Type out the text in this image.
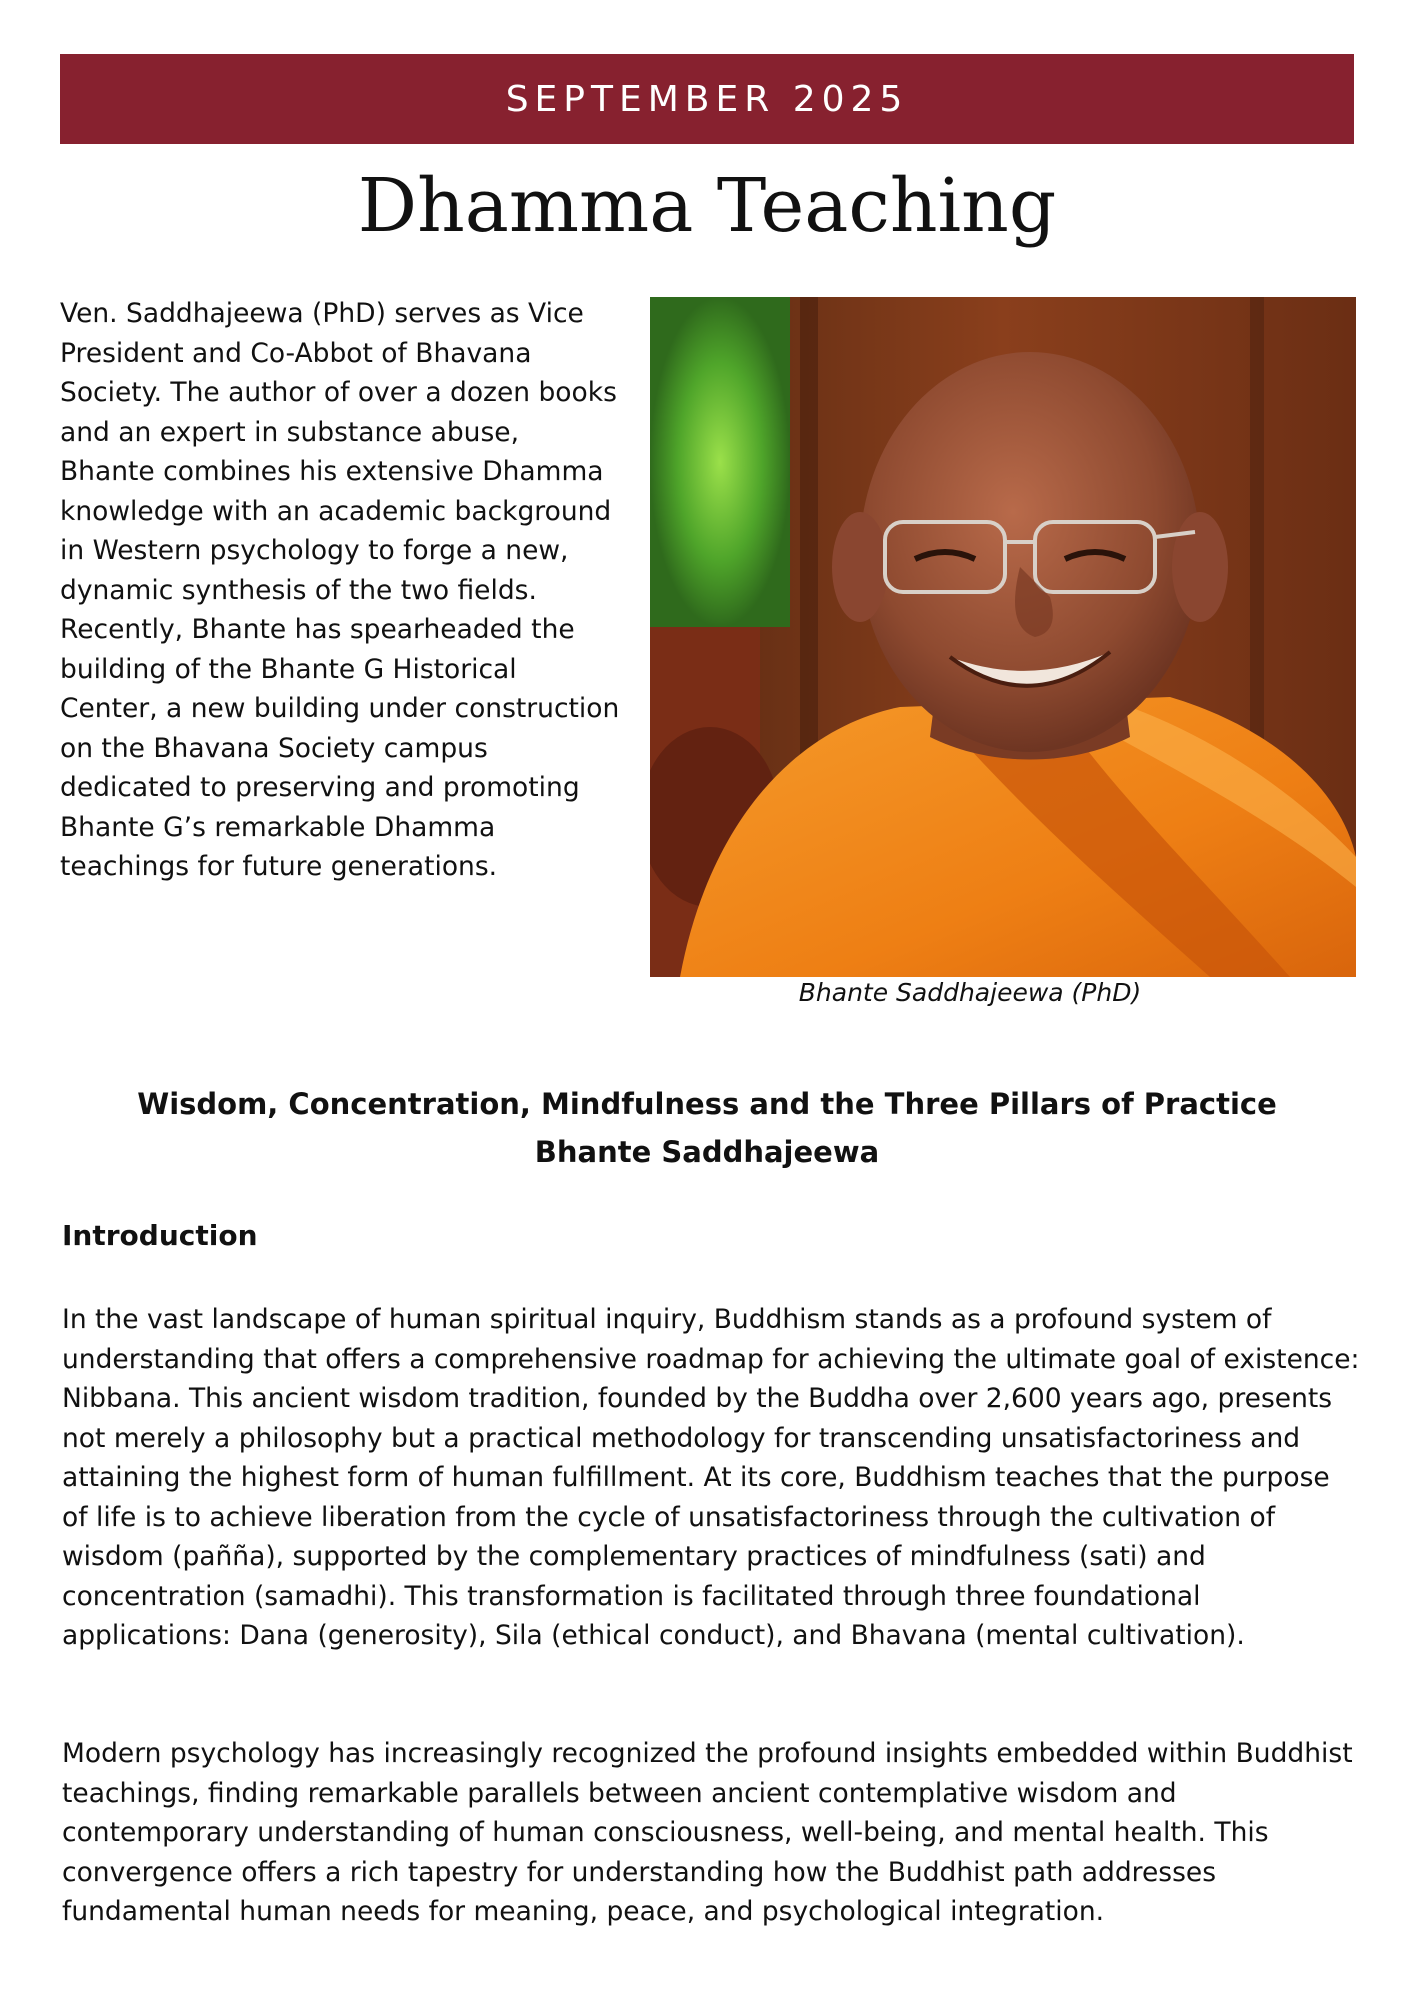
SEPTEMBER 2025
Dhamma Teaching

Ven. Saddhajeewa (PhD) serves as Vice President and Co-Abbot of Bhavana Society. The author of over a dozen books and an expert in substance abuse, Bhante combines his extensive Dhamma knowledge with an academic background in Western psychology to forge a new, dynamic synthesis of the two fields. Recently, Bhante has spearheaded the building of the Bhante G Historical Center, a new building under construction on the Bhavana Society campus dedicated to preserving and promoting Bhante G’s remarkable Dhamma teachings for future generations.

Bhante Saddhajeewa (PhD)

Wisdom, Concentration, Mindfulness and the Three Pillars of Practice
Bhante Saddhajeewa
Introduction

In the vast landscape of human spiritual inquiry, Buddhism stands as a profound system of understanding that offers a comprehensive roadmap for achieving the ultimate goal of existence: Nibbana. This ancient wisdom tradition, founded by the Buddha over 2,600 years ago, presents not merely a philosophy but a practical methodology for transcending unsatisfactoriness and attaining the highest form of human fulfillment. At its core, Buddhism teaches that the purpose of life is to achieve liberation from the cycle of unsatisfactoriness through the cultivation of wisdom (pañña), supported by the complementary practices of mindfulness (sati) and concentration (samadhi). This transformation is facilitated through three foundational applications: Dana (generosity), Sila (ethical conduct), and Bhavana (mental cultivation).

Modern psychology has increasingly recognized the profound insights embedded within Buddhist teachings, finding remarkable parallels between ancient contemplative wisdom and contemporary understanding of human consciousness, well-being, and mental health. This convergence offers a rich tapestry for understanding how the Buddhist path addresses fundamental human needs for meaning, peace, and psychological integration.
